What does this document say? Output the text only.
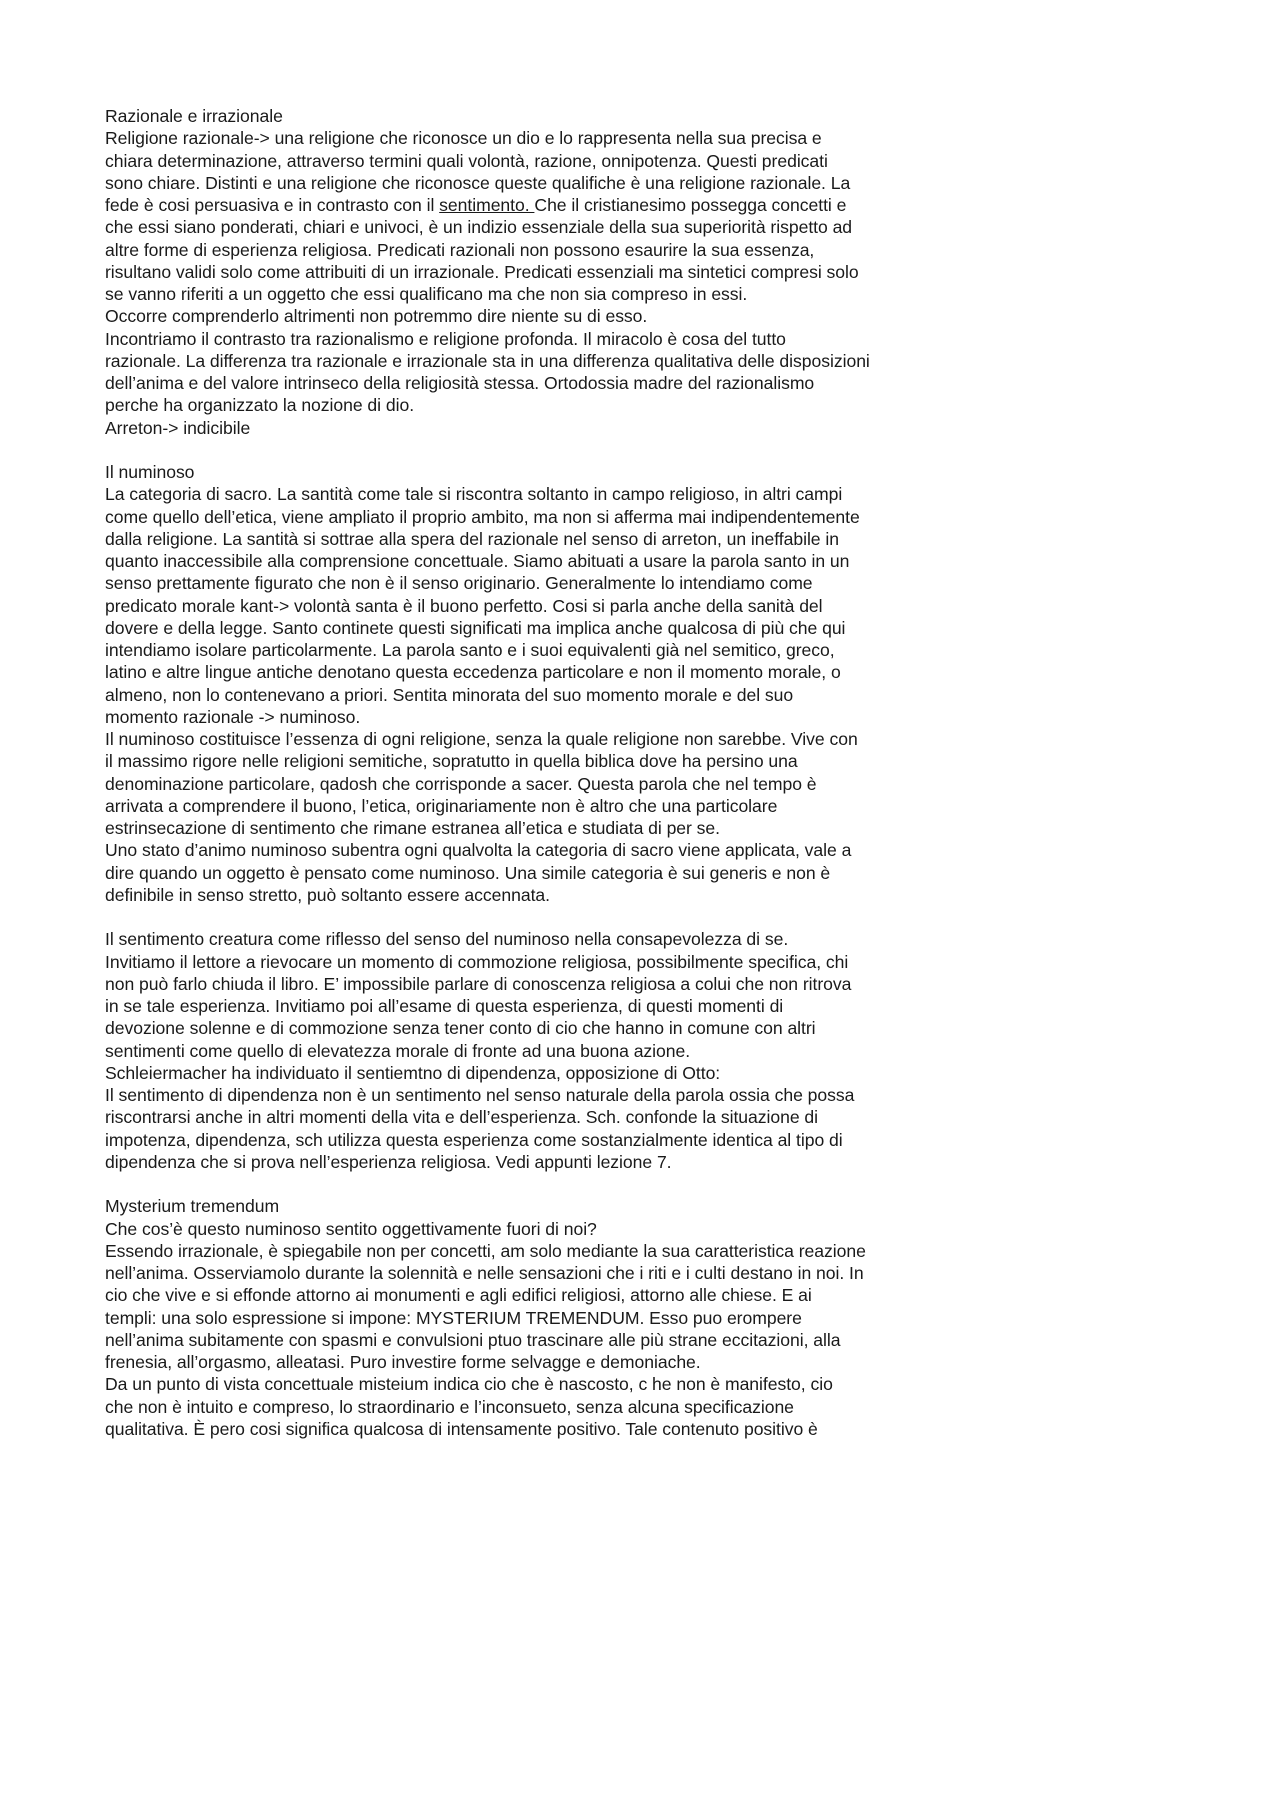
Razionale e irrazionale
Religione razionale-> una religione che riconosce un dio e lo rappresenta nella sua precisa e
chiara determinazione, attraverso termini quali volontà, razione, onnipotenza. Questi predicati
sono chiare. Distinti e una religione che riconosce queste qualifiche è una religione razionale. La
fede è cosi persuasiva e in contrasto con il sentimento. Che il cristianesimo possegga concetti e
che essi siano ponderati, chiari e univoci, è un indizio essenziale della sua superiorità rispetto ad
altre forme di esperienza religiosa. Predicati razionali non possono esaurire la sua essenza,
risultano validi solo come attribuiti di un irrazionale. Predicati essenziali ma sintetici compresi solo
se vanno riferiti a un oggetto che essi qualificano ma che non sia compreso in essi.
Occorre comprenderlo altrimenti non potremmo dire niente su di esso.
Incontriamo il contrasto tra razionalismo e religione profonda. Il miracolo è cosa del tutto
razionale. La differenza tra razionale e irrazionale sta in una differenza qualitativa delle disposizioni
dell’anima e del valore intrinseco della religiosità stessa. Ortodossia madre del razionalismo
perche ha organizzato la nozione di dio.
Arreton-> indicibile
Il numinoso
La categoria di sacro. La santità come tale si riscontra soltanto in campo religioso, in altri campi
come quello dell’etica, viene ampliato il proprio ambito, ma non si afferma mai indipendentemente
dalla religione. La santità si sottrae alla spera del razionale nel senso di arreton, un ineffabile in
quanto inaccessibile alla comprensione concettuale. Siamo abituati a usare la parola santo in un
senso prettamente figurato che non è il senso originario. Generalmente lo intendiamo come
predicato morale kant-> volontà santa è il buono perfetto. Cosi si parla anche della sanità del
dovere e della legge. Santo continete questi significati ma implica anche qualcosa di più che qui
intendiamo isolare particolarmente. La parola santo e i suoi equivalenti già nel semitico, greco,
latino e altre lingue antiche denotano questa eccedenza particolare e non il momento morale, o
almeno, non lo contenevano a priori. Sentita minorata del suo momento morale e del suo
momento razionale -> numinoso.
Il numinoso costituisce l’essenza di ogni religione, senza la quale religione non sarebbe. Vive con
il massimo rigore nelle religioni semitiche, sopratutto in quella biblica dove ha persino una
denominazione particolare, qadosh che corrisponde a sacer. Questa parola che nel tempo è
arrivata a comprendere il buono, l’etica, originariamente non è altro che una particolare
estrinsecazione di sentimento che rimane estranea all’etica e studiata di per se.
Uno stato d’animo numinoso subentra ogni qualvolta la categoria di sacro viene applicata, vale a
dire quando un oggetto è pensato come numinoso. Una simile categoria è sui generis e non è
definibile in senso stretto, può soltanto essere accennata.
Il sentimento creatura come riflesso del senso del numinoso nella consapevolezza di se.
Invitiamo il lettore a rievocare un momento di commozione religiosa, possibilmente specifica, chi
non può farlo chiuda il libro. E’ impossibile parlare di conoscenza religiosa a colui che non ritrova
in se tale esperienza. Invitiamo poi all’esame di questa esperienza, di questi momenti di
devozione solenne e di commozione senza tener conto di cio che hanno in comune con altri
sentimenti come quello di elevatezza morale di fronte ad una buona azione.
Schleiermacher ha individuato il sentiemtno di dipendenza, opposizione di Otto:
Il sentimento di dipendenza non è un sentimento nel senso naturale della parola ossia che possa
riscontrarsi anche in altri momenti della vita e dell’esperienza. Sch. confonde la situazione di
impotenza, dipendenza, sch utilizza questa esperienza come sostanzialmente identica al tipo di
dipendenza che si prova nell’esperienza religiosa. Vedi appunti lezione 7.
Mysterium tremendum
Che cos’è questo numinoso sentito oggettivamente fuori di noi?
Essendo irrazionale, è spiegabile non per concetti, am solo mediante la sua caratteristica reazione
nell’anima. Osserviamolo durante la solennità e nelle sensazioni che i riti e i culti destano in noi. In
cio che vive e si effonde attorno ai monumenti e agli edifici religiosi, attorno alle chiese. E ai
templi: una solo espressione si impone: MYSTERIUM TREMENDUM. Esso puo erompere
nell’anima subitamente con spasmi e convulsioni ptuo trascinare alle più strane eccitazioni, alla
frenesia, all’orgasmo, alleatasi. Puro investire forme selvagge e demoniache.
Da un punto di vista concettuale misteium indica cio che è nascosto, c he non è manifesto, cio
che non è intuito e compreso, lo straordinario e l’inconsueto, senza alcuna specificazione
qualitativa. È pero cosi significa qualcosa di intensamente positivo. Tale contenuto positivo è
